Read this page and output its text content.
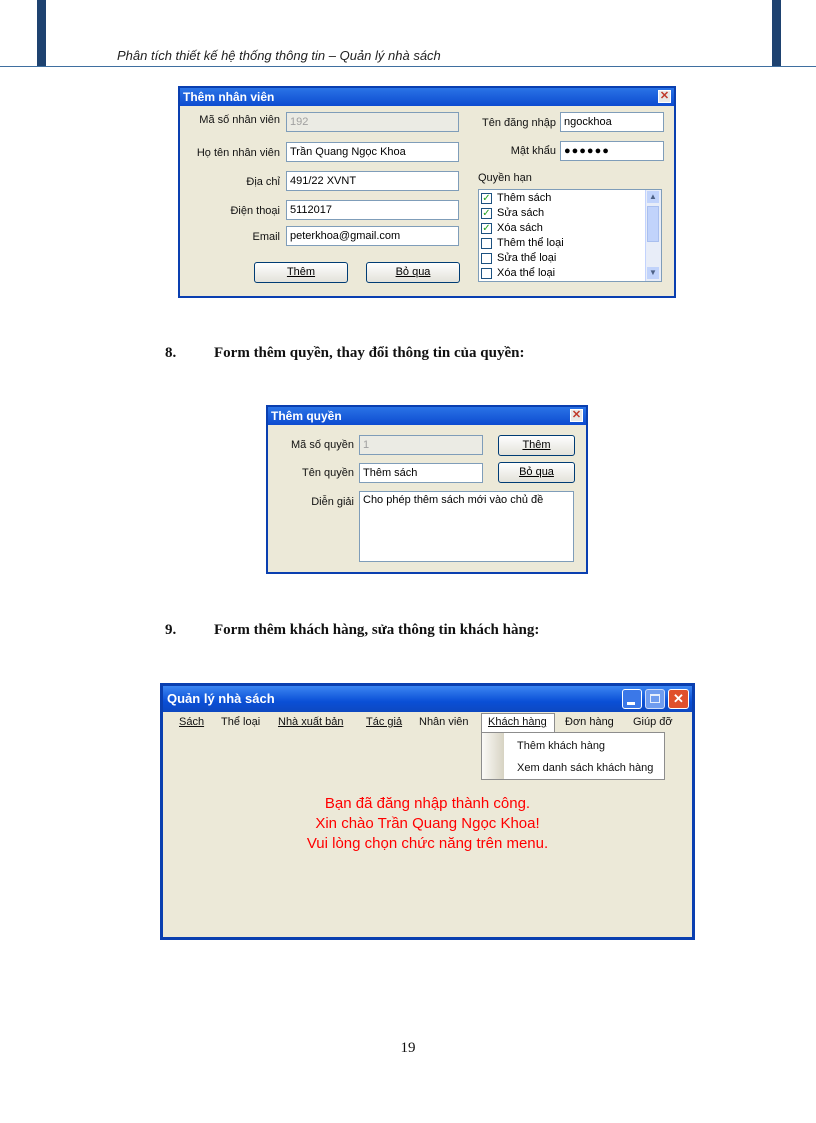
Phân tích thiết kế hệ thống thông tin – Quản lý nhà sách
Thêm nhân viên	✕
Mã số nhân viên 192
Họ tên nhân viên Trần Quang Ngọc Khoa
Địa chỉ 491/22 XVNT
Điện thoại 5112017
Email peterkhoa@gmail.com
Thêm	Bỏ qua
Tên đăng nhập ngockhoa
Mật khẩu ●●●●●●
Quyền hạn
✓ Thêm sách
✓ Sửa sách
✓ Xóa sách
Thêm thể loại
Sửa thể loại
Xóa thể loại
▲
▼
8.	Form thêm quyền, thay đổi thông tin của quyền:
Thêm quyền	✕
Mã số quyền 1
Tên quyền Thêm sách
Diễn giải Cho phép thêm sách mới vào chủ đề
Thêm
Bỏ qua
9.	Form thêm khách hàng, sửa thông tin khách hàng:
Quản lý nhà sách	✕
Sách Thể loại Nhà xuất bản Tác giả Nhân viên Khách hàng Đơn hàng Giúp đỡ
Thêm khách hàng
Xem danh sách khách hàng
Bạn đã đăng nhập thành công.
Xin chào Trần Quang Ngọc Khoa!
Vui lòng chọn chức năng trên menu.
19
